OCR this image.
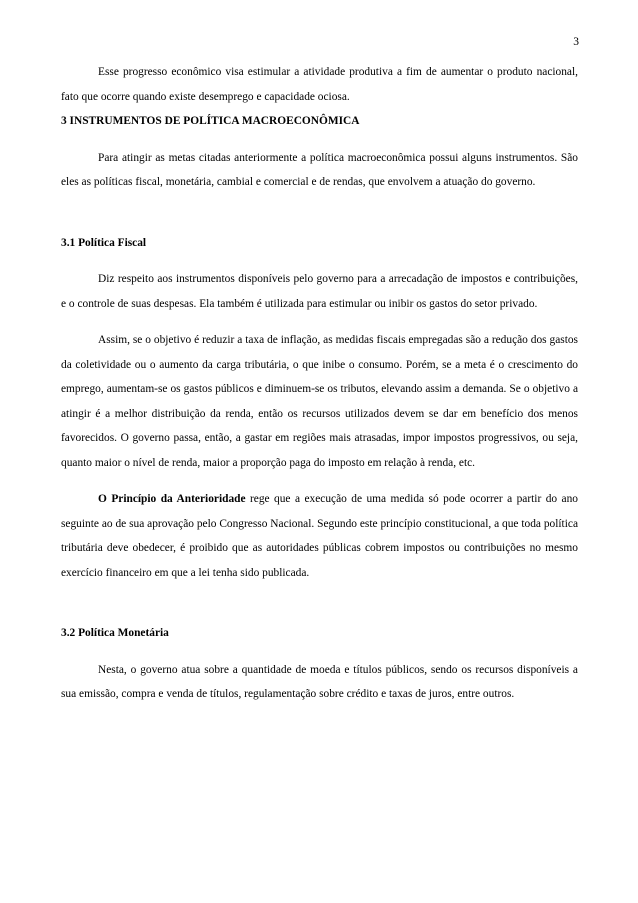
3

Esse progresso econômico visa estimular a atividade produtiva a fim de aumentar o produto nacional, fato que ocorre quando existe desemprego e capacidade ociosa.

3 INSTRUMENTOS DE POLÍTICA MACROECONÔMICA

Para atingir as metas citadas anteriormente a política macroeconômica possui alguns instrumentos. São eles as políticas fiscal, monetária, cambial e comercial e de rendas, que envolvem a atuação do governo.

3.1 Política Fiscal

Diz respeito aos instrumentos disponíveis pelo governo para a arrecadação de impostos e contribuições, e o controle de suas despesas. Ela também é utilizada para estimular ou inibir os gastos do setor privado.

Assim, se o objetivo é reduzir a taxa de inflação, as medidas fiscais empregadas são a redução dos gastos da coletividade ou o aumento da carga tributária, o que inibe o consumo. Porém, se a meta é o crescimento do emprego, aumentam-se os gastos públicos e diminuem-se os tributos, elevando assim a demanda. Se o objetivo a atingir é a melhor distribuição da renda, então os recursos utilizados devem se dar em benefício dos menos favorecidos. O governo passa, então, a gastar em regiões mais atrasadas, impor impostos progressivos, ou seja, quanto maior o nível de renda, maior a proporção paga do imposto em relação à renda, etc.

O Princípio da Anterioridade rege que a execução de uma medida só pode ocorrer a partir do ano seguinte ao de sua aprovação pelo Congresso Nacional. Segundo este princípio constitucional, a que toda política tributária deve obedecer, é proibido que as autoridades públicas cobrem impostos ou contribuições no mesmo exercício financeiro em que a lei tenha sido publicada.

3.2 Política Monetária

Nesta, o governo atua sobre a quantidade de moeda e títulos públicos, sendo os recursos disponíveis a sua emissão, compra e venda de títulos, regulamentação sobre crédito e taxas de juros, entre outros.
